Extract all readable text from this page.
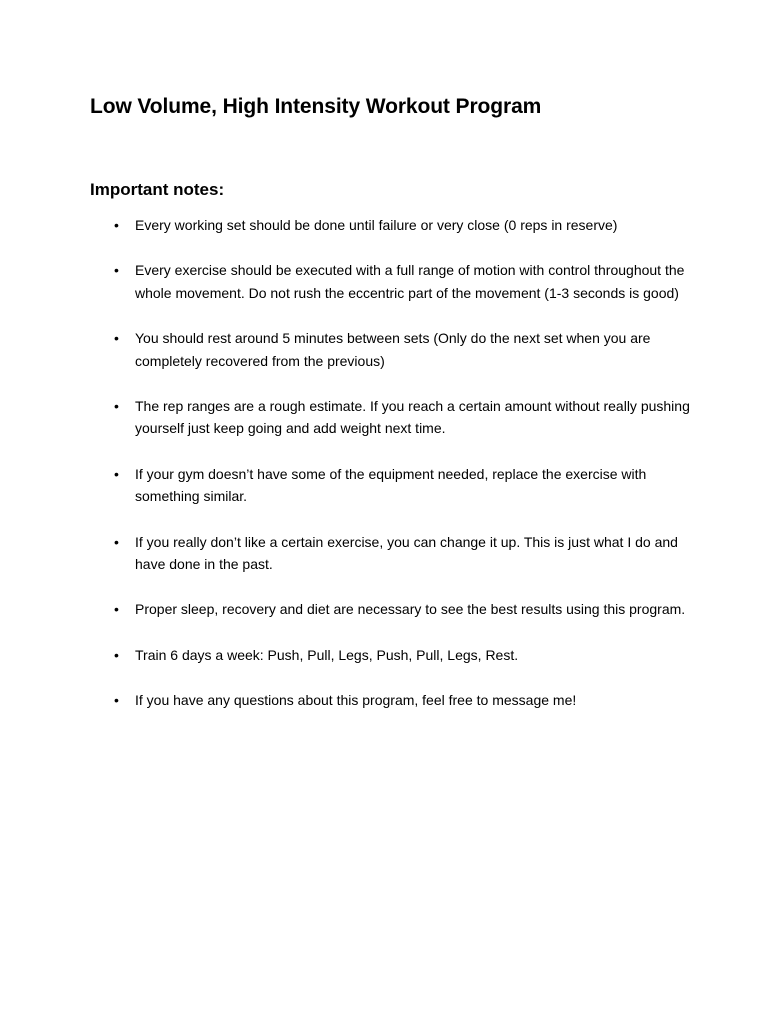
Low Volume, High Intensity Workout Program
Important notes:
• Every working set should be done until failure or very close (0 reps in reserve)
• Every exercise should be executed with a full range of motion with control throughout the whole movement. Do not rush the eccentric part of the movement (1-3 seconds is good)
• You should rest around 5 minutes between sets (Only do the next set when you are completely recovered from the previous)
• The rep ranges are a rough estimate. If you reach a certain amount without really pushing yourself just keep going and add weight next time.
• If your gym doesn’t have some of the equipment needed, replace the exercise with something similar.
• If you really don’t like a certain exercise, you can change it up. This is just what I do and have done in the past.
• Proper sleep, recovery and diet are necessary to see the best results using this program.
• Train 6 days a week: Push, Pull, Legs, Push, Pull, Legs, Rest.
• If you have any questions about this program, feel free to message me!
